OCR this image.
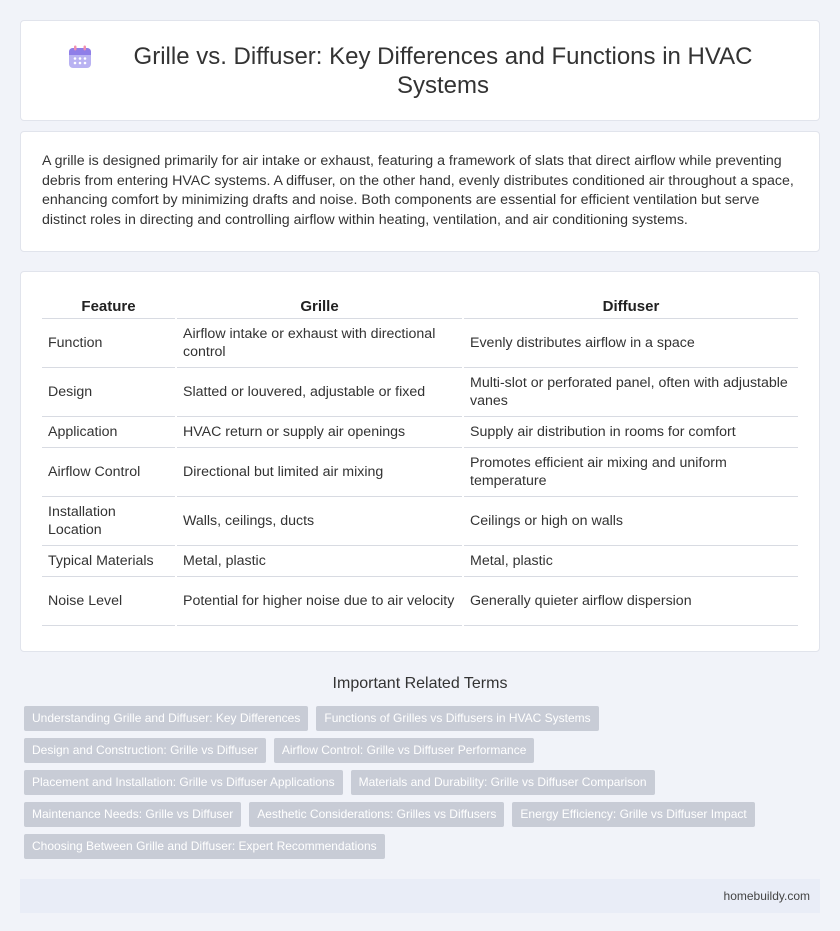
Grille vs. Diffuser: Key Differences and Functions in HVAC Systems

A grille is designed primarily for air intake or exhaust, featuring a framework of slats that direct airflow while preventing debris from entering HVAC systems. A diffuser, on the other hand, evenly distributes conditioned air throughout a space, enhancing comfort by minimizing drafts and noise. Both components are essential for efficient ventilation but serve distinct roles in directing and controlling airflow within heating, ventilation, and air conditioning systems.

Feature	Grille	Diffuser
Function	Airflow intake or exhaust with directional control	Evenly distributes airflow in a space
Design	Slatted or louvered, adjustable or fixed	Multi-slot or perforated panel, often with adjustable vanes
Application	HVAC return or supply air openings	Supply air distribution in rooms for comfort
Airflow Control	Directional but limited air mixing	Promotes efficient air mixing and uniform temperature
Installation Location	Walls, ceilings, ducts	Ceilings or high on walls
Typical Materials	Metal, plastic	Metal, plastic
Noise Level	Potential for higher noise due to air velocity	Generally quieter airflow dispersion
Important Related Terms
Understanding Grille and Diffuser: Key Differences	Functions of Grilles vs Diffusers in HVAC Systems
Design and Construction: Grille vs Diffuser	Airflow Control: Grille vs Diffuser Performance
Placement and Installation: Grille vs Diffuser Applications	Materials and Durability: Grille vs Diffuser Comparison
Maintenance Needs: Grille vs Diffuser	Aesthetic Considerations: Grilles vs Diffusers	Energy Efficiency: Grille vs Diffuser Impact
Choosing Between Grille and Diffuser: Expert Recommendations
homebuildy.com
